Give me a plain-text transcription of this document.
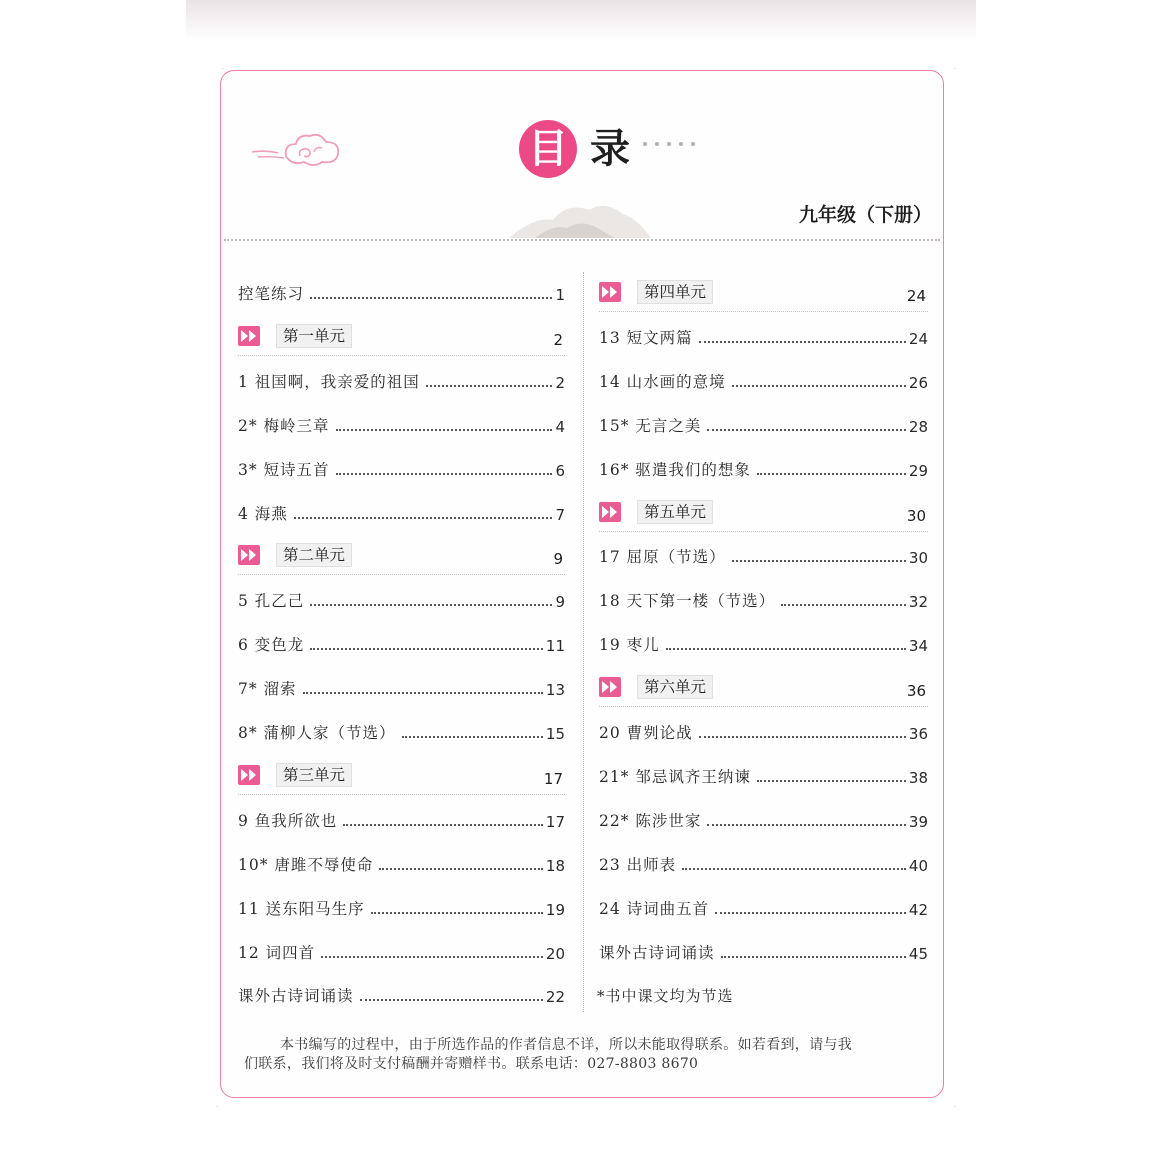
目 录
九年级（下册）
控笔练习	1
第一单元	2
1 祖国啊，我亲爱的祖国	2
2* 梅岭三章	4
3* 短诗五首	6
4 海燕	7
第二单元	9
5 孔乙己	9
6 变色龙	11
7* 溜索	13
8* 蒲柳人家（节选）	15
第三单元	17
9 鱼我所欲也	17
10* 唐雎不辱使命	18
11 送东阳马生序	19
12 词四首	20
课外古诗词诵读	22
第四单元	24
13 短文两篇	24
14 山水画的意境	26
15* 无言之美	28
16* 驱遣我们的想象	29
第五单元	30
17 屈原（节选）	30
18 天下第一楼（节选）	32
19 枣儿	34
第六单元	36
20 曹刿论战	36
21* 邹忌讽齐王纳谏	38
22* 陈涉世家	39
23 出师表	40
24 诗词曲五首	42
课外古诗词诵读	45
*书中课文均为节选
本书编写的过程中，由于所选作品的作者信息不详，所以未能取得联系。如若看到，请与我

们联系，我们将及时支付稿酬并寄赠样书。联系电话：027-8803 8670
·	·
·	·
